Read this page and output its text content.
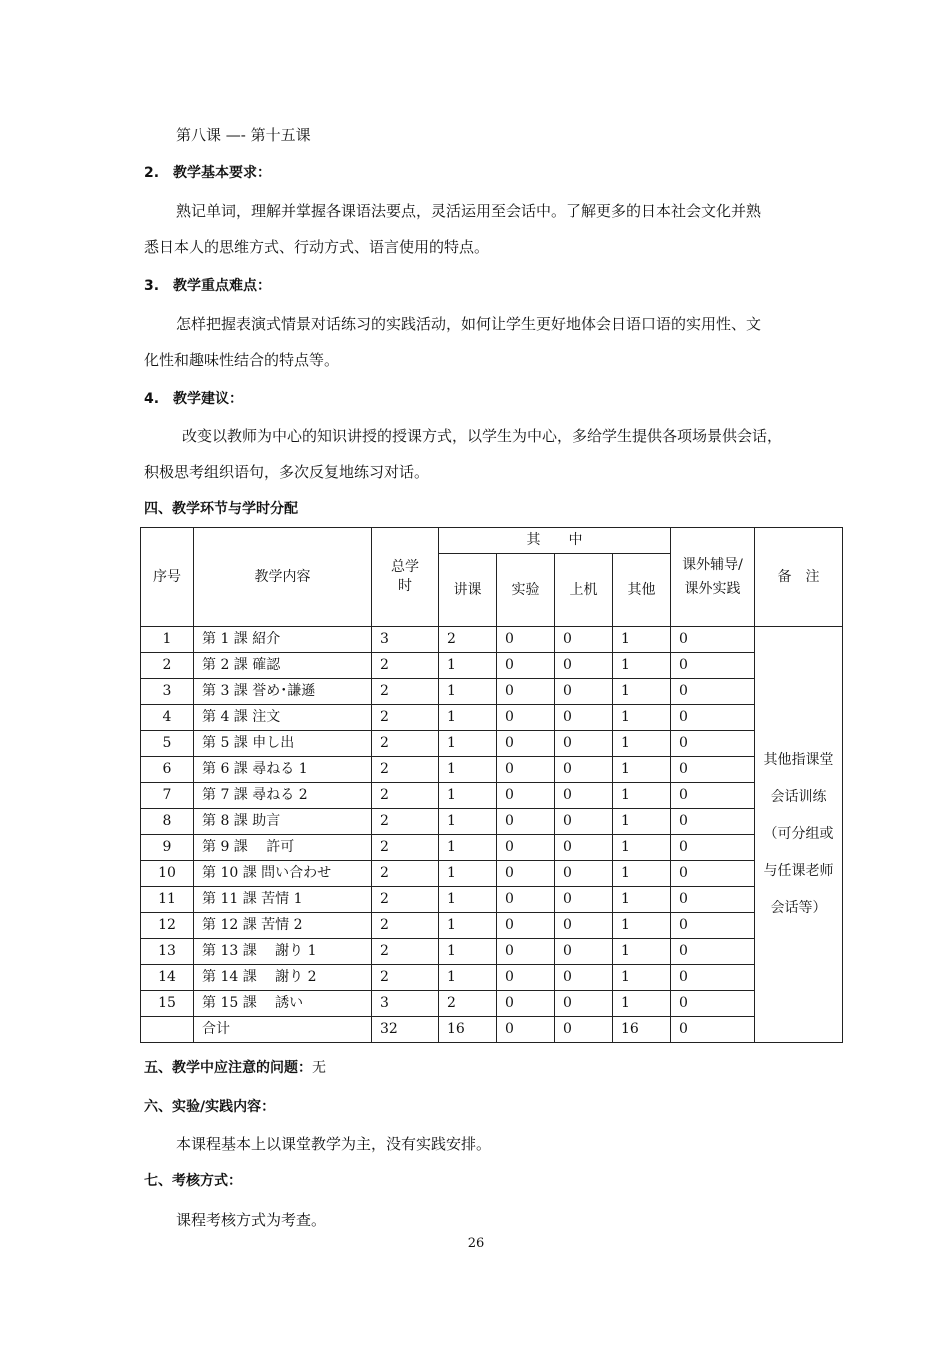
第八课 —- 第十五课
2.　教学基本要求：
熟记单词，理解并掌握各课语法要点，灵活运用至会话中。了解更多的日本社会文化并熟
悉日本人的思维方式、行动方式、语言使用的特点。
3.　教学重点难点：
怎样把握表演式情景对话练习的实践活动，如何让学生更好地体会日语口语的实用性、文
化性和趣味性结合的特点等。
4.　教学建议：
改变以教师为中心的知识讲授的授课方式，以学生为中心，多给学生提供各项场景供会话，
积极思考组织语句，多次反复地练习对话。
四、教学环节与学时分配
序号	教学内容	总学时	其　　中				课外辅导/课外实践	备　注
			讲课	实验	上机	其他		
1	第 1 課 紹介	3	2	0	0	1	0	其他指课堂会话训练（可分组或与任课老师会话等）
2	第 2 課 確認	2	1	0	0	1	0	
3	第 3 課 誉め･謙遜	2	1	0	0	1	0	
4	第 4 課 注文	2	1	0	0	1	0	
5	第 5 課 申し出	2	1	0	0	1	0	
6	第 6 課 尋ねる 1	2	1	0	0	1	0	
7	第 7 課 尋ねる 2	2	1	0	0	1	0	
8	第 8 課 助言	2	1	0	0	1	0	
9	第 9 課　 許可	2	1	0	0	1	0	
10	第 10 課 問い合わせ	2	1	0	0	1	0	
11	第 11 課 苦情 1	2	1	0	0	1	0	
12	第 12 課 苦情 2	2	1	0	0	1	0	
13	第 13 課　 謝り 1	2	1	0	0	1	0	
14	第 14 課　 謝り 2	2	1	0	0	1	0	
15	第 15 課　 誘い	3	2	0	0	1	0	
	合计	32	16	0	0	16	0	
五、教学中应注意的问题：无
六、实验/实践内容：
本课程基本上以课堂教学为主，没有实践安排。
七、考核方式：
课程考核方式为考查。
26
